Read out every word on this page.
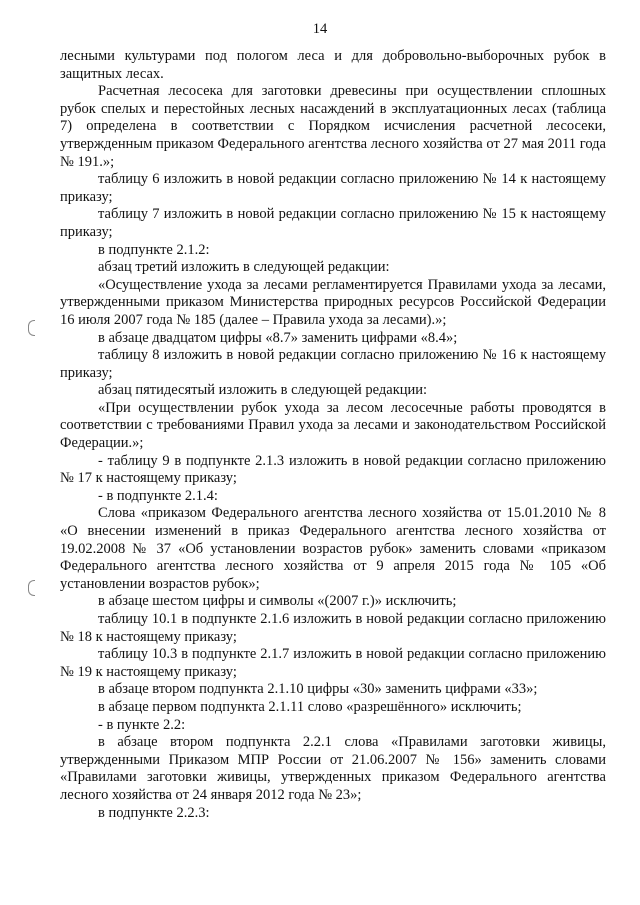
14

лесными культурами под пологом леса и для добровольно-выборочных рубок в защитных лесах.

Расчетная лесосека для заготовки древесины при осуществлении сплошных рубок спелых и перестойных лесных насаждений в эксплуатационных лесах (таблица 7) определена в соответствии с Порядком исчисления расчетной лесосеки, утвержденным приказом Федерального агентства лесного хозяйства от 27 мая 2011 года № 191.»;

таблицу 6 изложить в новой редакции согласно приложению № 14 к настоящему приказу;

таблицу 7 изложить в новой редакции согласно приложению № 15 к настоящему приказу;

в подпункте 2.1.2:

абзац третий изложить в следующей редакции:

«Осуществление ухода за лесами регламентируется Правилами ухода за лесами, утвержденными приказом Министерства природных ресурсов Российской Федерации 16 июля 2007 года № 185 (далее – Правила ухода за лесами).»;

в абзаце двадцатом цифры «8.7» заменить цифрами «8.4»;

таблицу 8 изложить в новой редакции согласно приложению № 16 к настоящему приказу;

абзац пятидесятый изложить в следующей редакции:

«При осуществлении рубок ухода за лесом лесосечные работы проводятся в соответствии с требованиями Правил ухода за лесами и законодательством Российской Федерации.»;

- таблицу 9 в подпункте 2.1.3 изложить в новой редакции согласно приложению № 17 к настоящему приказу;

- в подпункте 2.1.4:

Слова «приказом Федерального агентства лесного хозяйства от 15.01.2010 № 8 «О внесении изменений в приказ Федерального агентства лесного хозяйства от 19.02.2008 № 37 «Об установлении возрастов рубок» заменить словами «приказом Федерального агентства лесного хозяйства от 9 апреля 2015 года № 105 «Об установлении возрастов рубок»;

в абзаце шестом цифры и символы «(2007 г.)» исключить;

таблицу 10.1 в подпункте 2.1.6 изложить в новой редакции согласно приложению № 18 к настоящему приказу;

таблицу 10.3 в подпункте 2.1.7 изложить в новой редакции согласно приложению № 19 к настоящему приказу;

в абзаце втором подпункта 2.1.10 цифры «30» заменить цифрами «33»;

в абзаце первом подпункта 2.1.11 слово «разрешённого» исключить;

- в пункте 2.2:

в абзаце втором подпункта 2.2.1 слова «Правилами заготовки живицы, утвержденными Приказом МПР России от 21.06.2007 № 156» заменить словами «Правилами заготовки живицы, утвержденных приказом Федерального агентства лесного хозяйства от 24 января 2012 года № 23»;

в подпункте 2.2.3:
